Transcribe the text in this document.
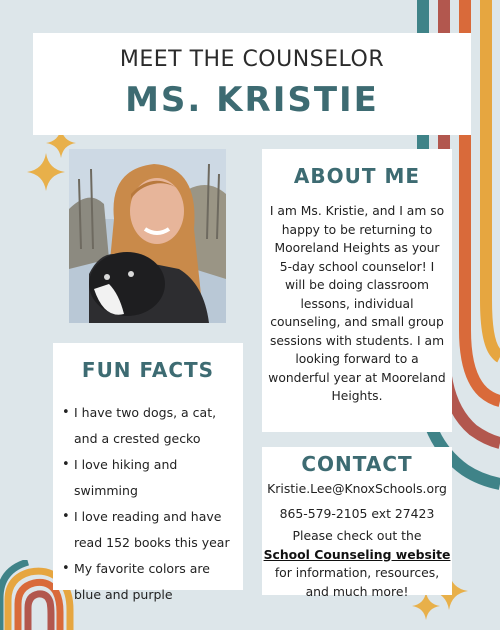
MEET THE COUNSELOR
MS. KRISTIE
ABOUT ME
I am Ms. Kristie, and I am so happy to be returning to Mooreland Heights as your 5-day school counselor! I will be doing classroom lessons, individual counseling, and small group sessions with students. I am looking forward to a wonderful year at Mooreland Heights.
FUN FACTS
• I have two dogs, a cat, and a crested gecko
• I love hiking and swimming
• I love reading and have read 152 books this year
• My favorite colors are blue and purple
CONTACT
Kristie.Lee@KnoxSchools.org
865-579-2105 ext 27423
Please check out the
School Counseling website
for information, resources, and much more!
